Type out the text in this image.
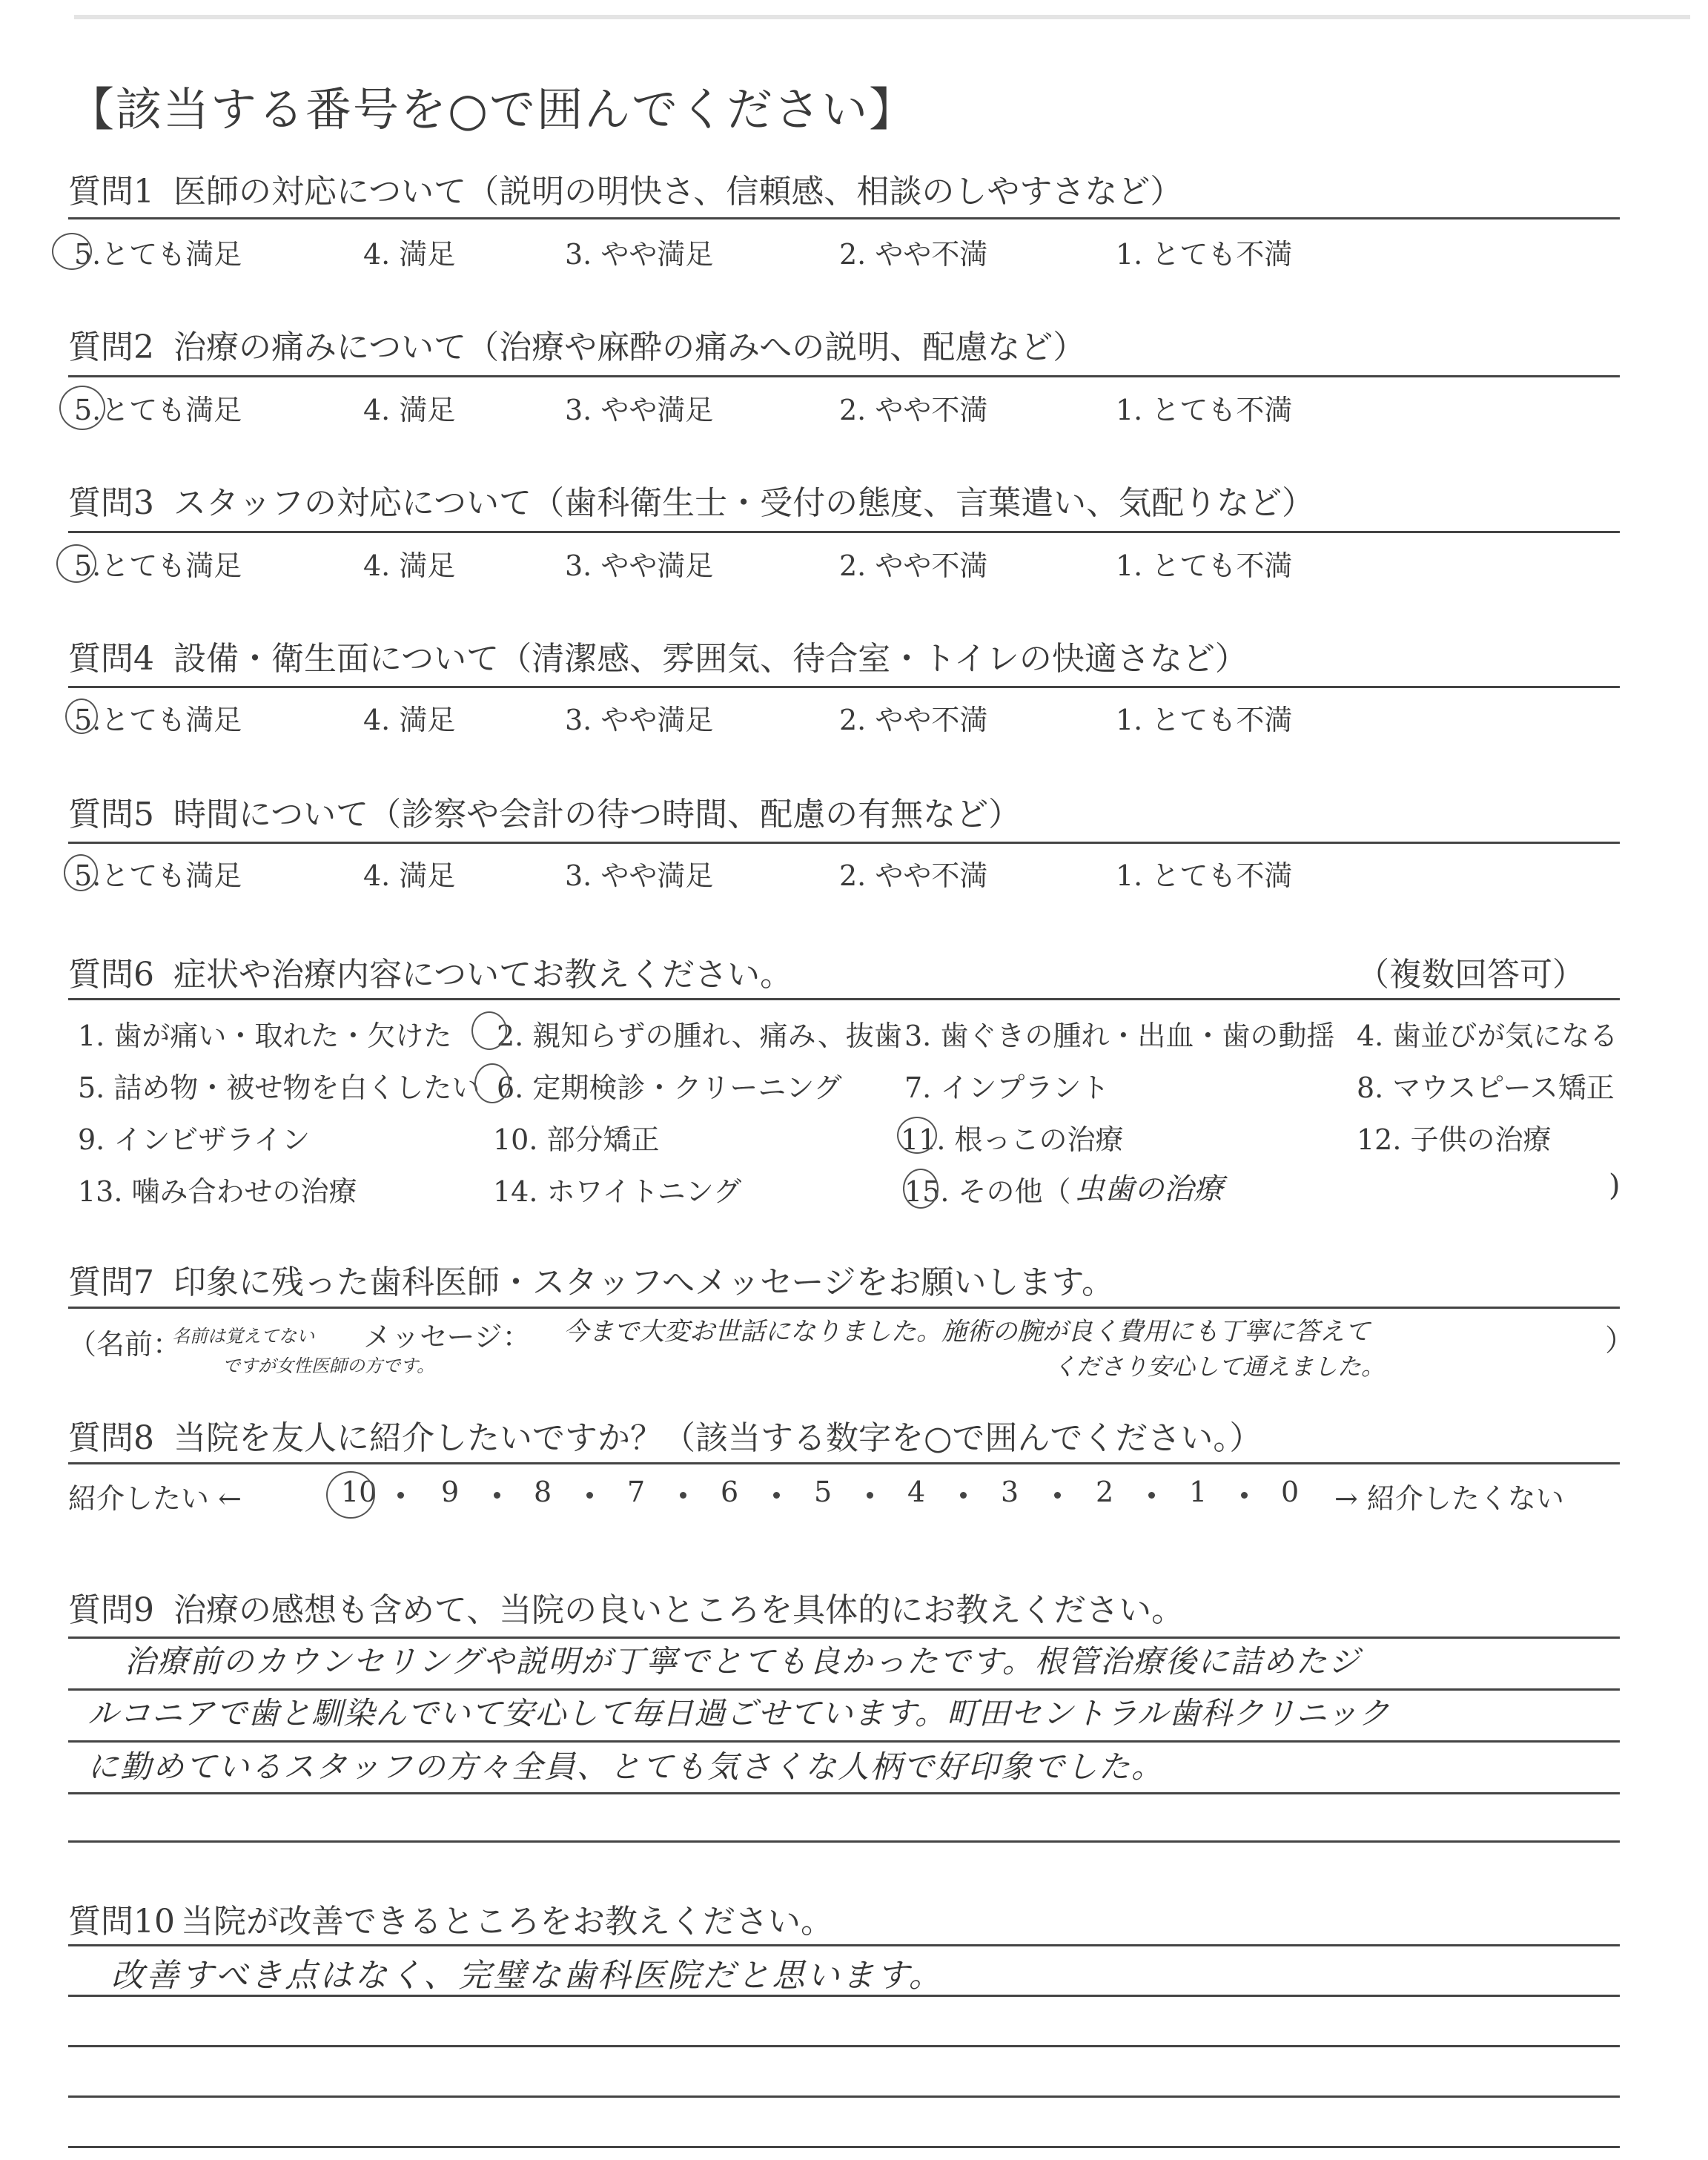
【該当する番号を○で囲んでください】
質問1 医師の対応について（説明の明快さ、信頼感、相談のしやすさなど）
質問2 治療の痛みについて（治療や麻酔の痛みへの説明、配慮など）
質問3 スタッフの対応について（歯科衛生士・受付の態度、言葉遣い、気配りなど）
質問4 設備・衛生面について（清潔感、雰囲気、待合室・トイレの快適さなど）
質問5 時間について（診察や会計の待つ時間、配慮の有無など）
5.とても満足	4. 満足	3. やや満足	2. やや不満	1. とても不満
5.とても満足	4. 満足	3. やや満足	2. やや不満	1. とても不満
5.とても満足	4. 満足	3. やや満足	2. やや不満	1. とても不満
5.とても満足	4. 満足	3. やや満足	2. やや不満	1. とても不満
5.とても満足	4. 満足	3. やや満足	2. やや不満	1. とても不満
質問6 症状や治療内容についてお教えください。	（複数回答可）
1. 歯が痛い・取れた・欠けた 2. 親知らずの腫れ、痛み、抜歯 3. 歯ぐきの腫れ・出血・歯の動揺 4. 歯並びが気になる
5. 詰め物・被せ物を白くしたい 6. 定期検診・クリーニング 7. インプラント	8. マウスピース矯正
9. インビザライン	10. 部分矯正	11. 根っこの治療	12. 子供の治療
13. 噛み合わせの治療	14. ホワイトニング	15. その他（ 虫歯の治療	)
質問7 印象に残った歯科医師・スタッフへメッセージをお願いします。
（名前：
名前は覚えてない
ですが女性医師の方です。
メッセージ： 今まで大変お世話になりました。施術の腕が良く費用にも丁寧に答えて
くださり安心して通えました。
）
質問8 当院を友人に紹介したいですか？（該当する数字を○で囲んでください。）
紹介したい ←	→ 紹介したくない
10 9	8	7	6	5	4	3	2	1	0
質問9 治療の感想も含めて、当院の良いところを具体的にお教えください。
治療前のカウンセリングや説明が丁寧でとても良かったです。根管治療後に詰めたジ
ルコニアで歯と馴染んでいて安心して毎日過ごせています。町田セントラル歯科クリニック
に勤めているスタッフの方々全員、とても気さくな人柄で好印象でした。
質問10 当院が改善できるところをお教えください。
改善すべき点はなく、完璧な歯科医院だと思います。
